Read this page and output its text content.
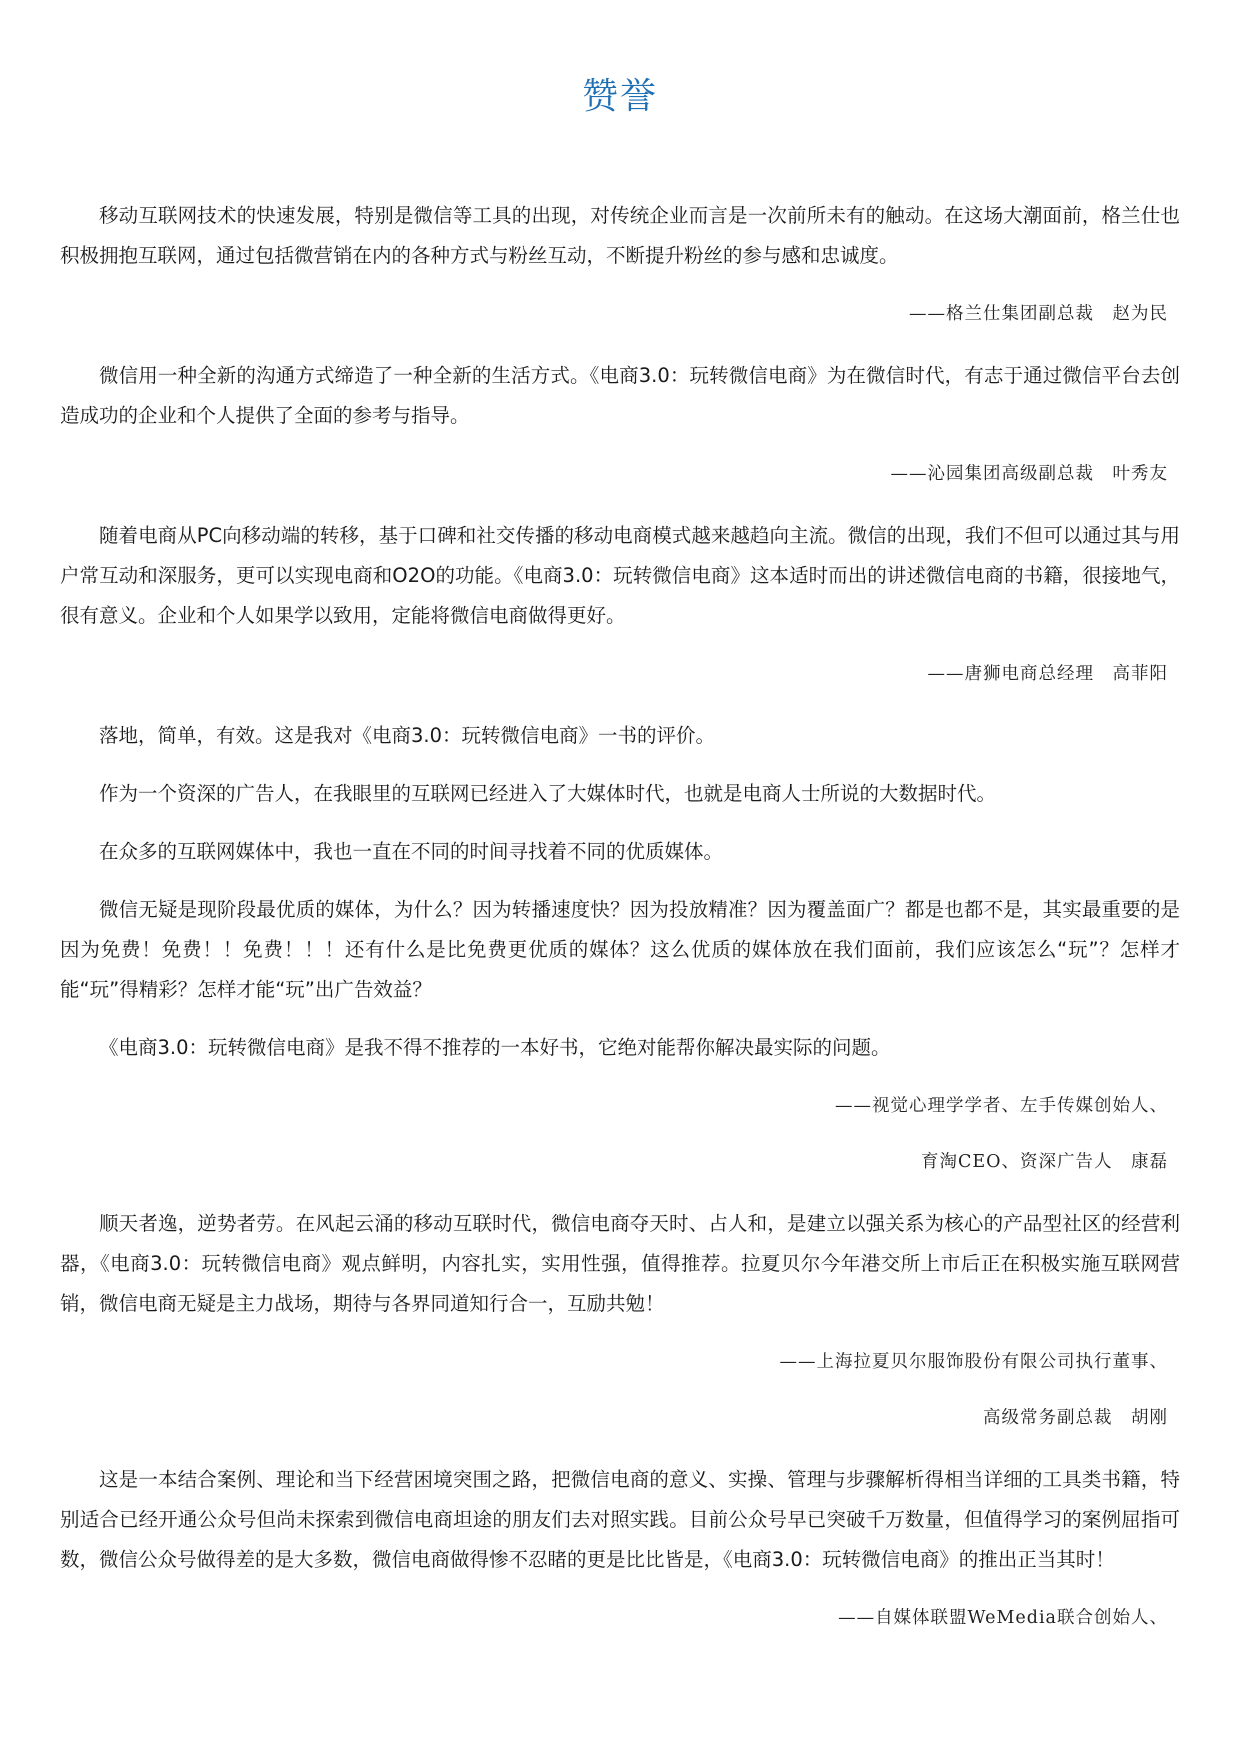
赞誉

移动互联网技术的快速发展，特别是微信等工具的出现，对传统企业而言是一次前所未有的触动。在这场大潮面前，格兰仕也积极拥抱互联网，通过包括微营销在内的各种方式与粉丝互动，不断提升粉丝的参与感和忠诚度。

——格兰仕集团副总裁　赵为民

微信用一种全新的沟通方式缔造了一种全新的生活方式。《电商3.0：玩转微信电商》为在微信时代，有志于通过微信平台去创造成功的企业和个人提供了全面的参考与指导。

——沁园集团高级副总裁　叶秀友

随着电商从PC向移动端的转移，基于口碑和社交传播的移动电商模式越来越趋向主流。微信的出现，我们不但可以通过其与用户常互动和深服务，更可以实现电商和O2O的功能。《电商3.0：玩转微信电商》这本适时而出的讲述微信电商的书籍，很接地气，很有意义。企业和个人如果学以致用，定能将微信电商做得更好。

——唐狮电商总经理　高菲阳

落地，简单，有效。这是我对《电商3.0：玩转微信电商》一书的评价。

作为一个资深的广告人，在我眼里的互联网已经进入了大媒体时代，也就是电商人士所说的大数据时代。

在众多的互联网媒体中，我也一直在不同的时间寻找着不同的优质媒体。

微信无疑是现阶段最优质的媒体，为什么？因为转播速度快？因为投放精准？因为覆盖面广？都是也都不是，其实最重要的是因为免费！免费！！免费！！！还有什么是比免费更优质的媒体？这么优质的媒体放在我们面前，我们应该怎么“玩”？怎样才能“玩”得精彩？怎样才能“玩”出广告效益？

《电商3.0：玩转微信电商》是我不得不推荐的一本好书，它绝对能帮你解决最实际的问题。

——视觉心理学学者、左手传媒创始人、
育淘CEO、资深广告人　康磊

顺天者逸，逆势者劳。在风起云涌的移动互联时代，微信电商夺天时、占人和，是建立以强关系为核心的产品型社区的经营利器，《电商3.0：玩转微信电商》观点鲜明，内容扎实，实用性强，值得推荐。拉夏贝尔今年港交所上市后正在积极实施互联网营销，微信电商无疑是主力战场，期待与各界同道知行合一，互励共勉！

——上海拉夏贝尔服饰股份有限公司执行董事、
高级常务副总裁　胡刚

这是一本结合案例、理论和当下经营困境突围之路，把微信电商的意义、实操、管理与步骤解析得相当详细的工具类书籍，特别适合已经开通公众号但尚未探索到微信电商坦途的朋友们去对照实践。目前公众号早已突破千万数量，但值得学习的案例屈指可数，微信公众号做得差的是大多数，微信电商做得惨不忍睹的更是比比皆是，《电商3.0：玩转微信电商》的推出正当其时！

——自媒体联盟WeMedia联合创始人、
